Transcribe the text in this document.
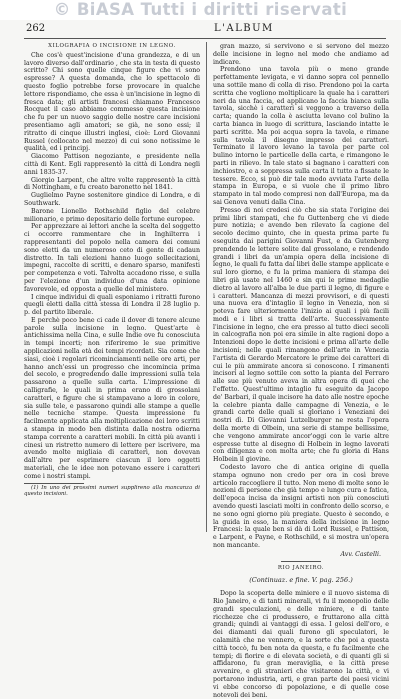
© BiASA Tutti i diritti riservati
262	L'ALBUM
XILOGRAFIA O INCISIONE IN LEGNO.

Che cos'è quest'incisione d'una grandezza, e di un lavoro diverso dall'ordinario , che sta in testa di questo scritto? Chi sono quelle cinque figure che vi sono espresse? A questa domanda, che lo spettacolo di questo foglio potrebbe forse provocare in qualche lettore rispondiamo, che essa è un'incisione in legno di fresca data; gli artisti francesi chiamano Francesco Rocquet il caso abbiamo commesso questa incisione che fu per un nuovo saggio delle nostre care incisioni presentiamo agli amatori; se già, ne sono essi; il ritratto di cinque illustri inglesi, cioè: Lord Giovanni Russel (collocato nel mezzo) di cui sono notissime le qualità, ed i principj.

Giacomo Pattison negoziante, e presidente nella città di Kent. Egli rappresentò la città di Londra negli anni 1835-37.

Giorgio Larpent, che altre volte rappresentò la città di Nottingham, e fu creato baronetto nel 1841.

Guglielmo Payne sostenitore gindice di Londra, e di Southwark.

Barone Lionello Rothschild figlio del celebre milionario, e primo depositario delle fortune europee.

Per apprezzare ai lettori anche la scelta del soggetto ci occorre rammentare che in Inghilterra i rappresentanti del popolo nella camera dei comuni sono eletti da un numeroso ceto di gente di cadaun distretto. In tali elezioni hanno luogo sollecitazioni, impegni, raccolte di scritti, e denaro sparso, manifesti per competenza e voti. Talvolta accadono risse, e sulla per l'elezione d'un individuo d'una data opinione favorevole, ed opposta a quelle del ministero.

I cinque individui di quali esponiamo i ritratti furono quegli eletti dalla città stessa di Londra il 28 luglio p. p. del partito liberale.

E perchè poco bene ci cade il dover di tenere alcune parole sulla incisione in legno. Quest'arte è antichissima nella Cina, e sulle Indie ove fu conosciuta in tempi incerti; non riferiremo le sue primitive applicazioni nella età dei tempi ricordati. Sia come che siasi, cioè i regolari ricominciamenti nelle ore arti, per hanno anch'essi un progresso che incomincia prima del secolo, e progredendo dalle impressioni sulla tela passarono a quelle sulla carta. L'impressione di calligrafie, le quali in prima erano di grossolani caratteri, e figure che si stampavano a loro in colore, sia sulle tele, e passarono quindi alle stampe a quelle nelle tecniche stampe. Questa impressione fu facilmente applicata alla moltiplicazione dei loro scritti a stampa in modo ben distinta dalla nostra odierna stampa corrente a caratteri mobili. In città più avanti i cinesi un ristretto numero di lettere per iscrivere, ma avendo molte migliaia di caratteri, non dovevan dall'altre per esprimere ciascun il loro oggetti materiali, che le idee non potevano essere i caratteri come i nostri stampi.

(1) In uno dei prossimi numeri supplireno alla mancanza di questo incisioni.

gran mazzo, si servivono e si servono del mezzo delle incisione in legno nel modo che andiamo ad indicare.

Prendono una tavola più o meno grande perfettamente levigata, e vi danno sopra col pennello una sottile mano di colla di riso. Prendono poi la carta scritta che vogliono moltiplicare la quale ha i caratteri neri da una faccia, ed applicano la faccia bianca sulla tavola, sicchè i caratteri si veggono a traverso della carta; quando la colla è asciutta levano col bulino la carta bianca in luogo di scrittura, lasciando intatte le parti scritte. Ma poi acqua sopra la tavola, e rimane sulla tavola il disegno impresso dei caratteri. Terminato il lavoro levano la tavola per parte col bulino intorno le particelle della carta, e rimangono le parti in rilievo. In tale stato si bagnano i caratteri con inchiostro, e a soppressa sulla carta il tutto a fissate le tessere. Ecco, si può dir tale modo avviata l'arte della stampa in Europa, e si vuole che il primo libro stampato in tal modo compresi non dall'Europa, ma da sai Genova venuti dalla Cina.

Presso di noi credesi ciò che sia stata l'origine dei primi libri stampati, che fu Guttenberg che vi diede pure notizia; e avendo ben rilevato la cagione del secolo decimo quinto, che in questa prima parte fu eseguita dai parigini Giovanni Fust, e da Gutenberg prendendo le lettere solite dal grossolano, e rendendo grandi i libri da un'ampia opera della incisione di legno, le quali fu fatta dai libri delle stampe applicate e sul loro giorno, e fu la prima maniera di stampa dei libri già usate nel 1460 e sin qui le prime medaglie dietro al lavoro all'alba le due parti il legno, di figure e i caratteri. Mancanza di mezzi provvisori, e di questi una nuova era d'intaglio il legno in Venezia, non si poteva fare ulteriormente l'inizio ai quali i più facili modi e i libri si tratta dell'arte. Successivamente l'incisione in legno, che era presso al tutto dieci secoli in calcografia non poi era simile in alte ragioni dopo a Intenzioni dopo le dette incisioni e prima all'arte delle incisioni; nelle quali rimangono dell'arte in Venezia l'artista di Gerardo Mercatore le prime dei caratteri di cui le più ammirate ancora si conoscono. I rimanenti incisori al legno sottile con sotto la pianta del Ferraro alle sue più venuto aveva in altra opera di quei che l'effetto. Quest'ultimo intaglio fu eseguito da Jacopo de' Barbari, il quale incisore ha dato alle nostre epoche la celebre pianta dalle campagne di Venezia, e le grandi carte delle quali si gloriano i Veneziani dei nostri dì. Di Giovanni Lutzelburger ne resta l'opera della morte di Olbein, una serie di stampe bellissime, che vengono ammirate ancor'oggi con le varie altre espresse tutte al disegno di Holbein in legno lavorati con diligenza e con molta arte; che fu gloria di Hans Holbein il giovine.

Codesto lavoro che di antica origine di quella stampa ognuno non credo per ora in così breve articolo raccogliere il tutto. Non meno di molte sono le nozioni di persone che già tempo e lungo cura e fatica, dell'epoca incisa da insigni artisti non più conosciuti avendo questi lasciati molti in confronto dello scorso, e ne sono ogni giorno più pregiate. Questo è secondo, e la guida in esso, la maniera della incisione in legno Francesi: la quale ben si dà di Lord Russel, e Pattison, e Larpent, e Payne, e Rothschild, e si mostra un'opera non mancante.

Avv. Castelli.
RIO JANEIRO.
(Continuaz. e fine. V. pag. 256.)

Dopo la scoperta delle miniere e il nuovo sistema di Rio Janeiro, e di tanti minerali, vi fu il monopolio delle grandi speculazioni, e delle miniere, e di tante ricchezze che ci produssero, e fruttarono alla città grandi; quindi ai vantaggi di essa. I gelosi dell'oro, e dei diamanti dai quali furono gli speculatori, le calamità che ne vennero, e la sorte che poi a questa città toccò, fu ben nota da questa, e fu facilmente che tempi; di fiorire e di elevata società, e di quanti gli si affidarono, fu gran meraviglia, e la città prese avvenire, e gli stranieri che visitarono la città, e vi portarono industria, arti, e gran parte dei paesi vicini vi ebbe concorso di popolazione, e di quelle cose notevoli dei beni.
